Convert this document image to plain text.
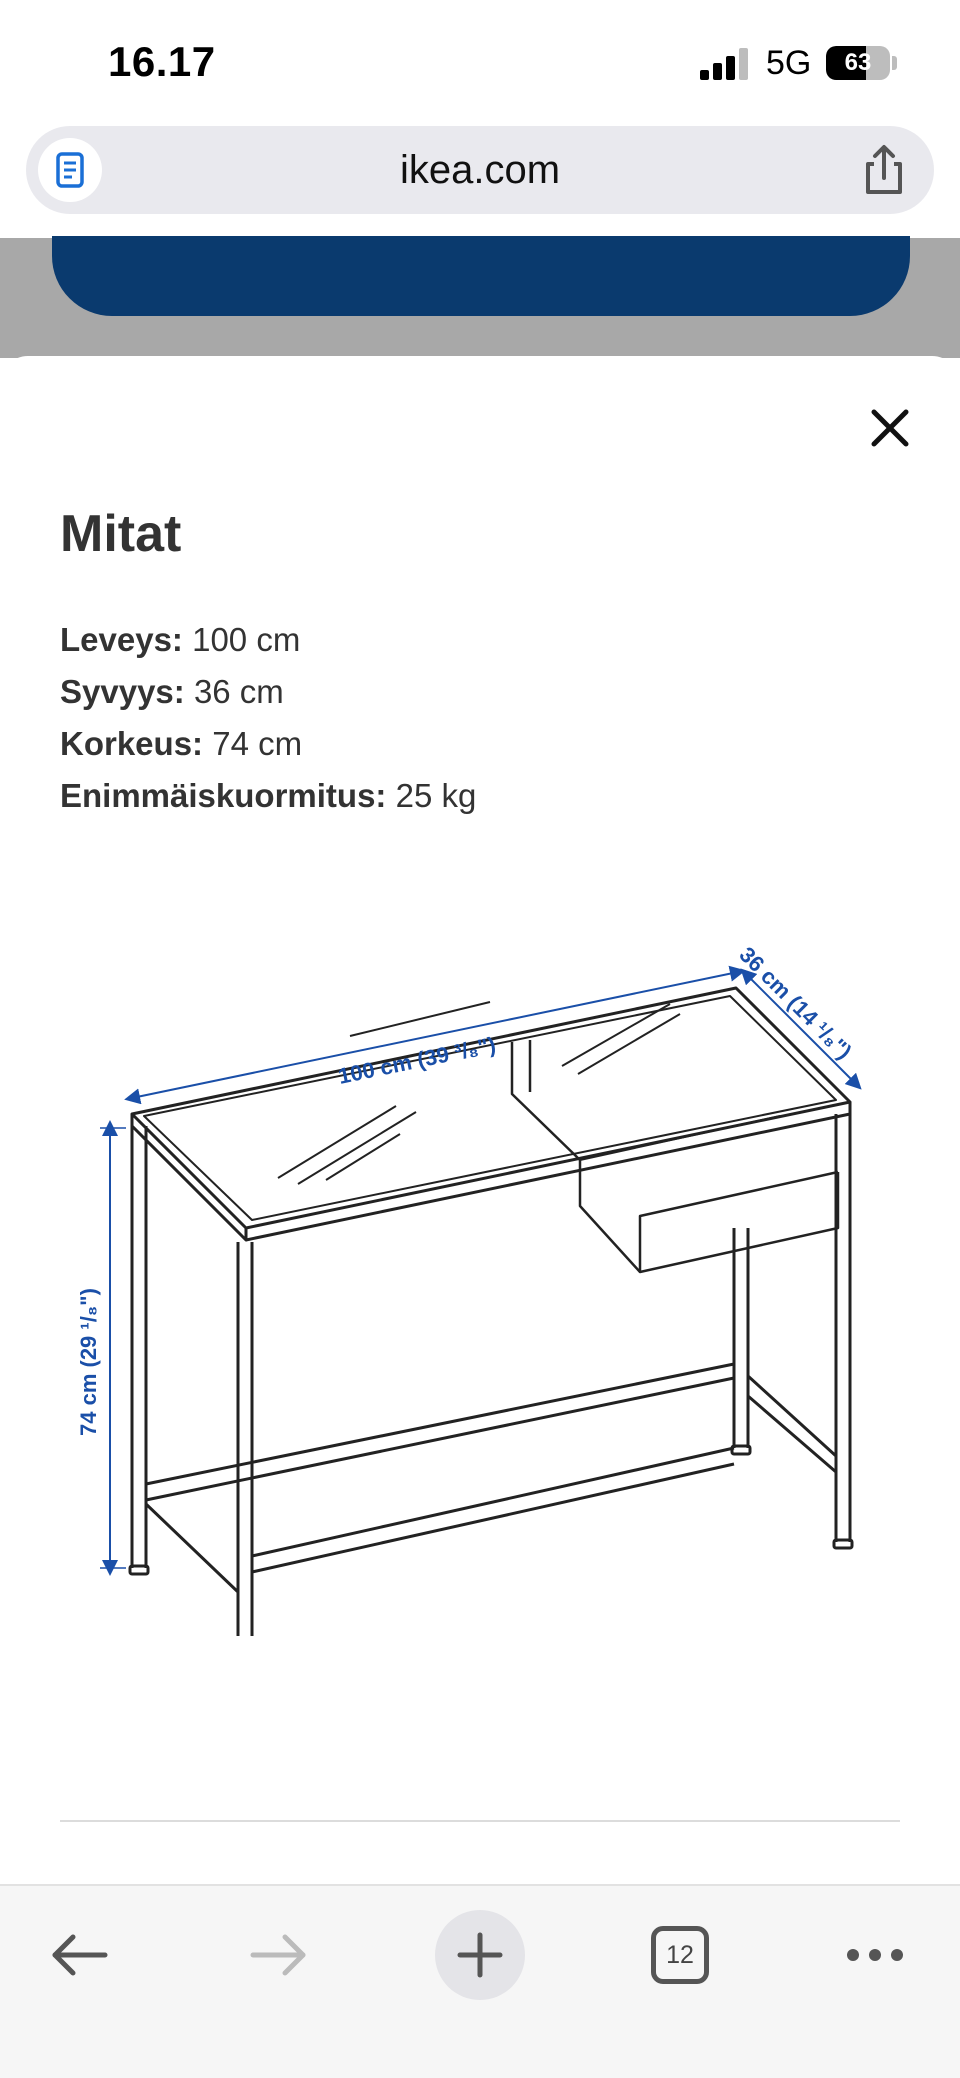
16.17	5G	63
ikea.com
Mitat
Leveys: 100 cm
Syvyys: 36 cm
Korkeus: 74 cm
Enimmäiskuormitus: 25 kg
100 cm (39 ³/₈")	36 cm (14 ¹/₈")
74 cm (29 ¹/₈")
12
